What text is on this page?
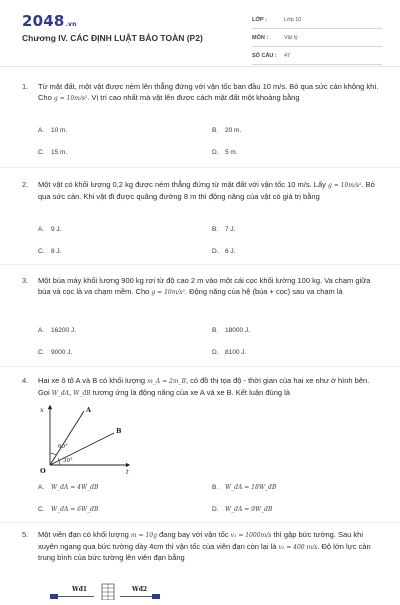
2048.vn
Chương IV. CÁC ĐỊNH LUẬT BẢO TOÀN (P2)
LỚP :	Lớp 10
MÔN :	Vật lý
SỐ CÂU : 47
1. Từ mặt đất, một vật được ném lên thẳng đứng với vận tốc ban đầu 10 m/s. Bỏ qua sức cản không khí. Cho g = 10m/s². Vị trí cao nhất mà vật lên được cách mặt đất một khoảng bằng
A. 10 m.	B. 20 m.
C. 15 m.	D. 5 m.
2. Một vật có khối lượng 0,2 kg được ném thẳng đứng từ mặt đất với vận tốc 10 m/s. Lấy g = 10m/s². Bỏ qua sức cản. Khi vật đi được quãng đường 8 m thì động năng của vật có giá trị bằng
A. 9 J.	B. 7 J.
C. 8 J.	D. 6 J.
3. Một búa máy khối lượng 900 kg rơi từ độ cao 2 m vào một cái cọc khối lường 100 kg. Va chạm giữa búa và cọc là va chạm mềm. Cho g = 10m/s². Động năng của hệ (búa + cọc) sau va chạm là
A. 16200 J.	B. 18000 J.
C. 9000 J.	D. 8100 J.
4. Hai xe ô tô A và B có khối lượng m_A = 2m_B, có đồ thị tọa độ - thời gian của hai xe như ở hình bên. Gọi W_đA, W_đB tương ứng là động năng của xe A và xe B. Kết luận đúng là
A. W_đA = 4W_đB	B. W_đA = 18W_đB
C. W_đA = 6W_đB	D. W_đA = 9W_đB
x
t
O
A
B
60°
30°
5. Một viên đạn có khối lượng m = 10g đang bay với vận tốc v₁ = 1000m/s thì gặp bức tường. Sau khi xuyên ngang qua bức tường dày 4cm thì vận tốc của viên đạn còn lại là v₂ = 400 m/s. Độ lớn lực cản trung bình của bức tường lên viên đạn bằng
Wđ1	Wđ2
